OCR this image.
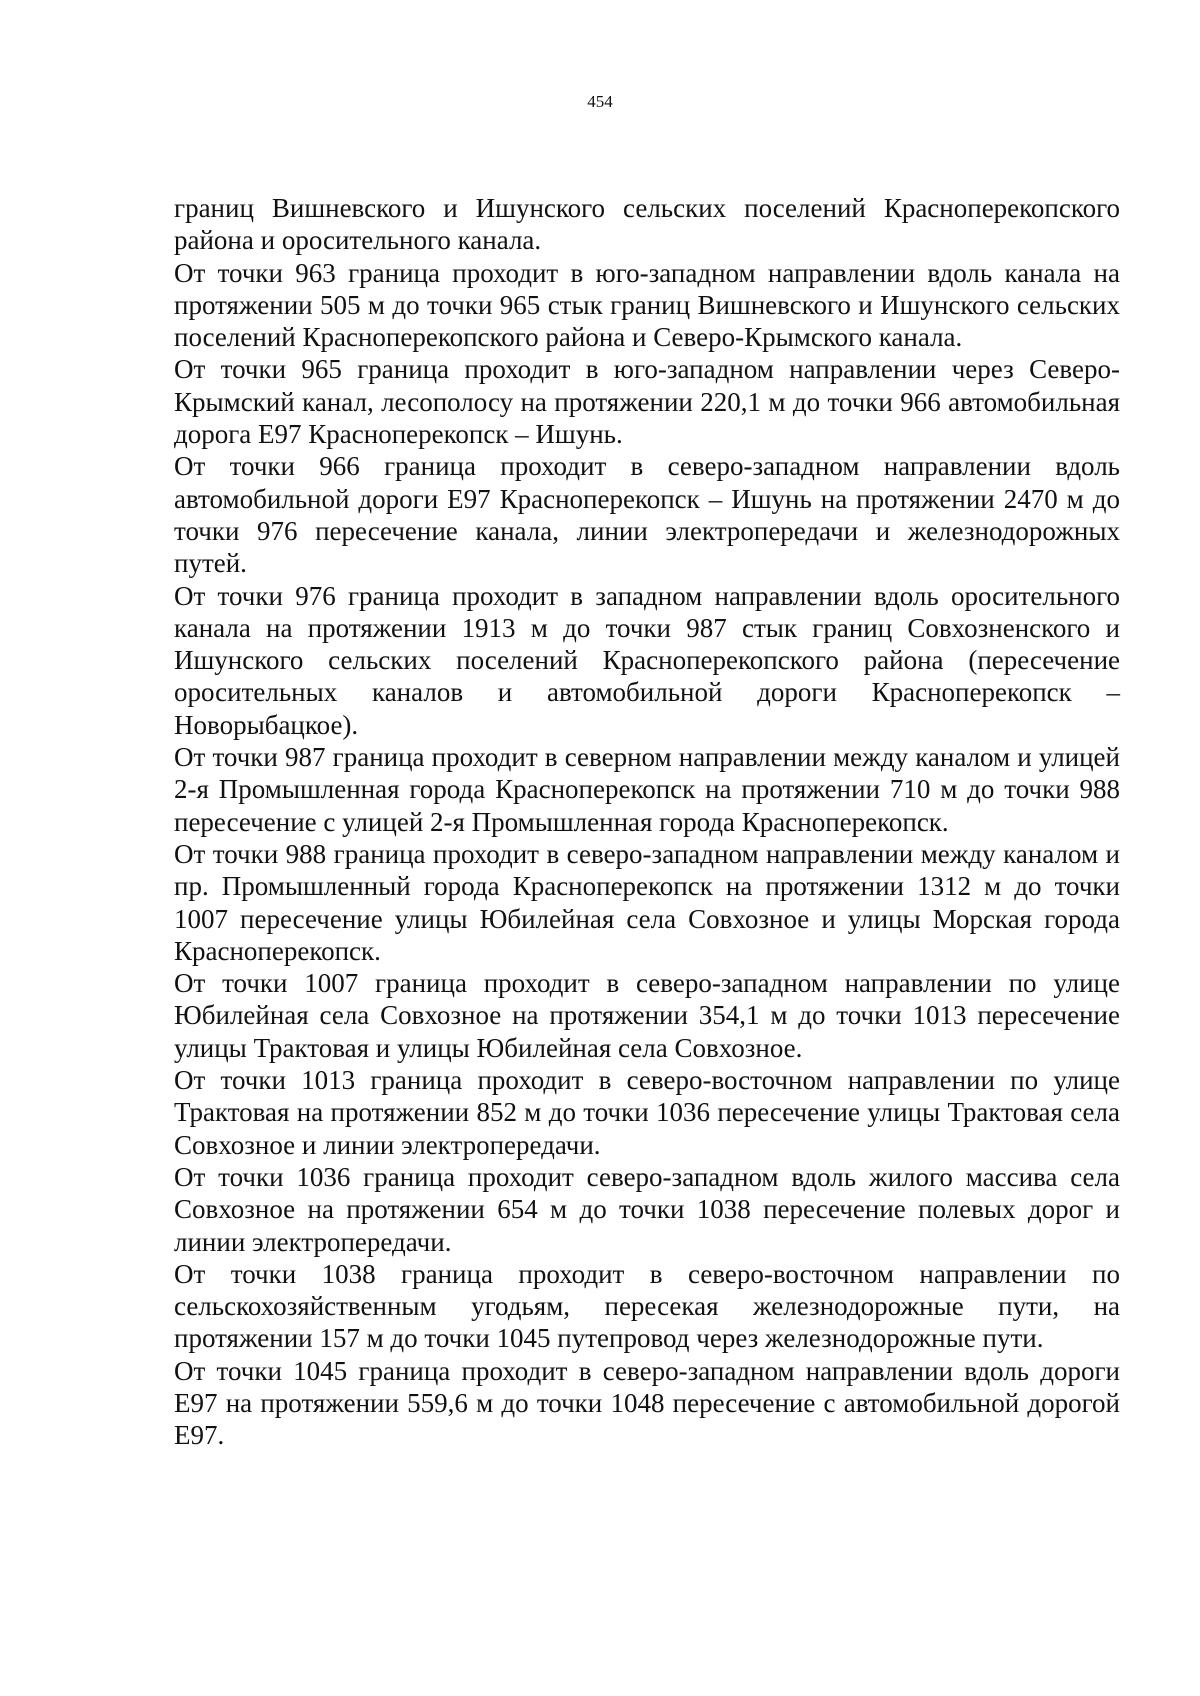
454

границ Вишневского и Ишунского сельских поселений Красноперекопского района и оросительного канала.

От точки 963 граница проходит в юго-западном направлении вдоль канала на протяжении 505 м до точки 965 стык границ Вишневского и Ишунского сельских поселений Красноперекопского района и Северо-Крымского канала.

От точки 965 граница проходит в юго-западном направлении через Северо-Крымский канал, лесополосу на протяжении 220,1 м до точки 966 автомобильная дорога Е97 Красноперекопск – Ишунь.

От точки 966 граница проходит в северо-западном направлении вдоль автомобильной дороги Е97 Красноперекопск – Ишунь на протяжении 2470 м до точки 976 пересечение канала, линии электропередачи и железнодорожных путей.

От точки 976 граница проходит в западном направлении вдоль оросительного канала на протяжении 1913 м до точки 987 стык границ Совхозненского и Ишунского сельских поселений Красноперекопского района (пересечение оросительных каналов и автомобильной дороги Красноперекопск – Новорыбацкое).

От точки 987 граница проходит в северном направлении между каналом и улицей 2-я Промышленная города Красноперекопск на протяжении 710 м до точки 988 пересечение с улицей 2-я Промышленная города Красноперекопск.

От точки 988 граница проходит в северо-западном направлении между каналом и пр. Промышленный города Красноперекопск на протяжении 1312 м до точки 1007 пересечение улицы Юбилейная села Совхозное и улицы Морская города Красноперекопск.

От точки 1007 граница проходит в северо-западном направлении по улице Юбилейная села Совхозное на протяжении 354,1 м до точки 1013 пересечение улицы Трактовая и улицы Юбилейная села Совхозное.

От точки 1013 граница проходит в северо-восточном направлении по улице Трактовая на протяжении 852 м до точки 1036 пересечение улицы Трактовая села Совхозное и линии электропередачи.

От точки 1036 граница проходит северо-западном вдоль жилого массива села Совхозное на протяжении 654 м до точки 1038 пересечение полевых дорог и линии электропередачи.

От точки 1038 граница проходит в северо-восточном направлении по сельскохозяйственным угодьям, пересекая железнодорожные пути, на протяжении 157 м до точки 1045 путепровод через железнодорожные пути.

От точки 1045 граница проходит в северо-западном направлении вдоль дороги Е97 на протяжении 559,6 м до точки 1048 пересечение с автомобильной дорогой Е97.
